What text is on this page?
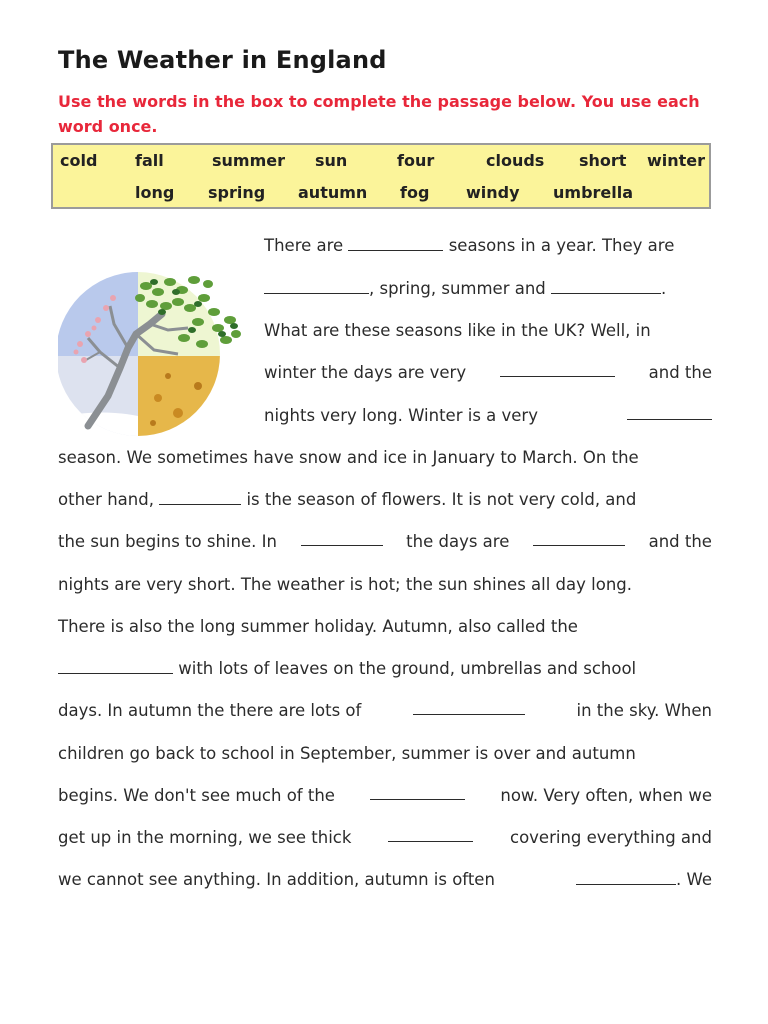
The Weather in England
Use the words in the box to complete the passage below. You use each word once.
cold fall	summer sun	four	clouds short winter
long spring autumn fog windy umbrella
There are	seasons in a year. They are
, spring, summer and	.
What are these seasons like in the UK? Well, in
winter the days are very	and the
nights very long. Winter is a very
season. We sometimes have snow and ice in January to March. On the
other hand,	is the season of flowers. It is not very cold, and
the sun begins to shine. In	the days are	and the
nights are very short. The weather is hot; the sun shines all day long.
There is also the long summer holiday. Autumn, also called the
with lots of leaves on the ground, umbrellas and school
days. In autumn the there are lots of	in the sky. When
children go back to school in September, summer is over and autumn
begins. We don't see much of the	now. Very often, when we
get up in the morning, we see thick	covering everything and
we cannot see anything. In addition, autumn is often	. We
